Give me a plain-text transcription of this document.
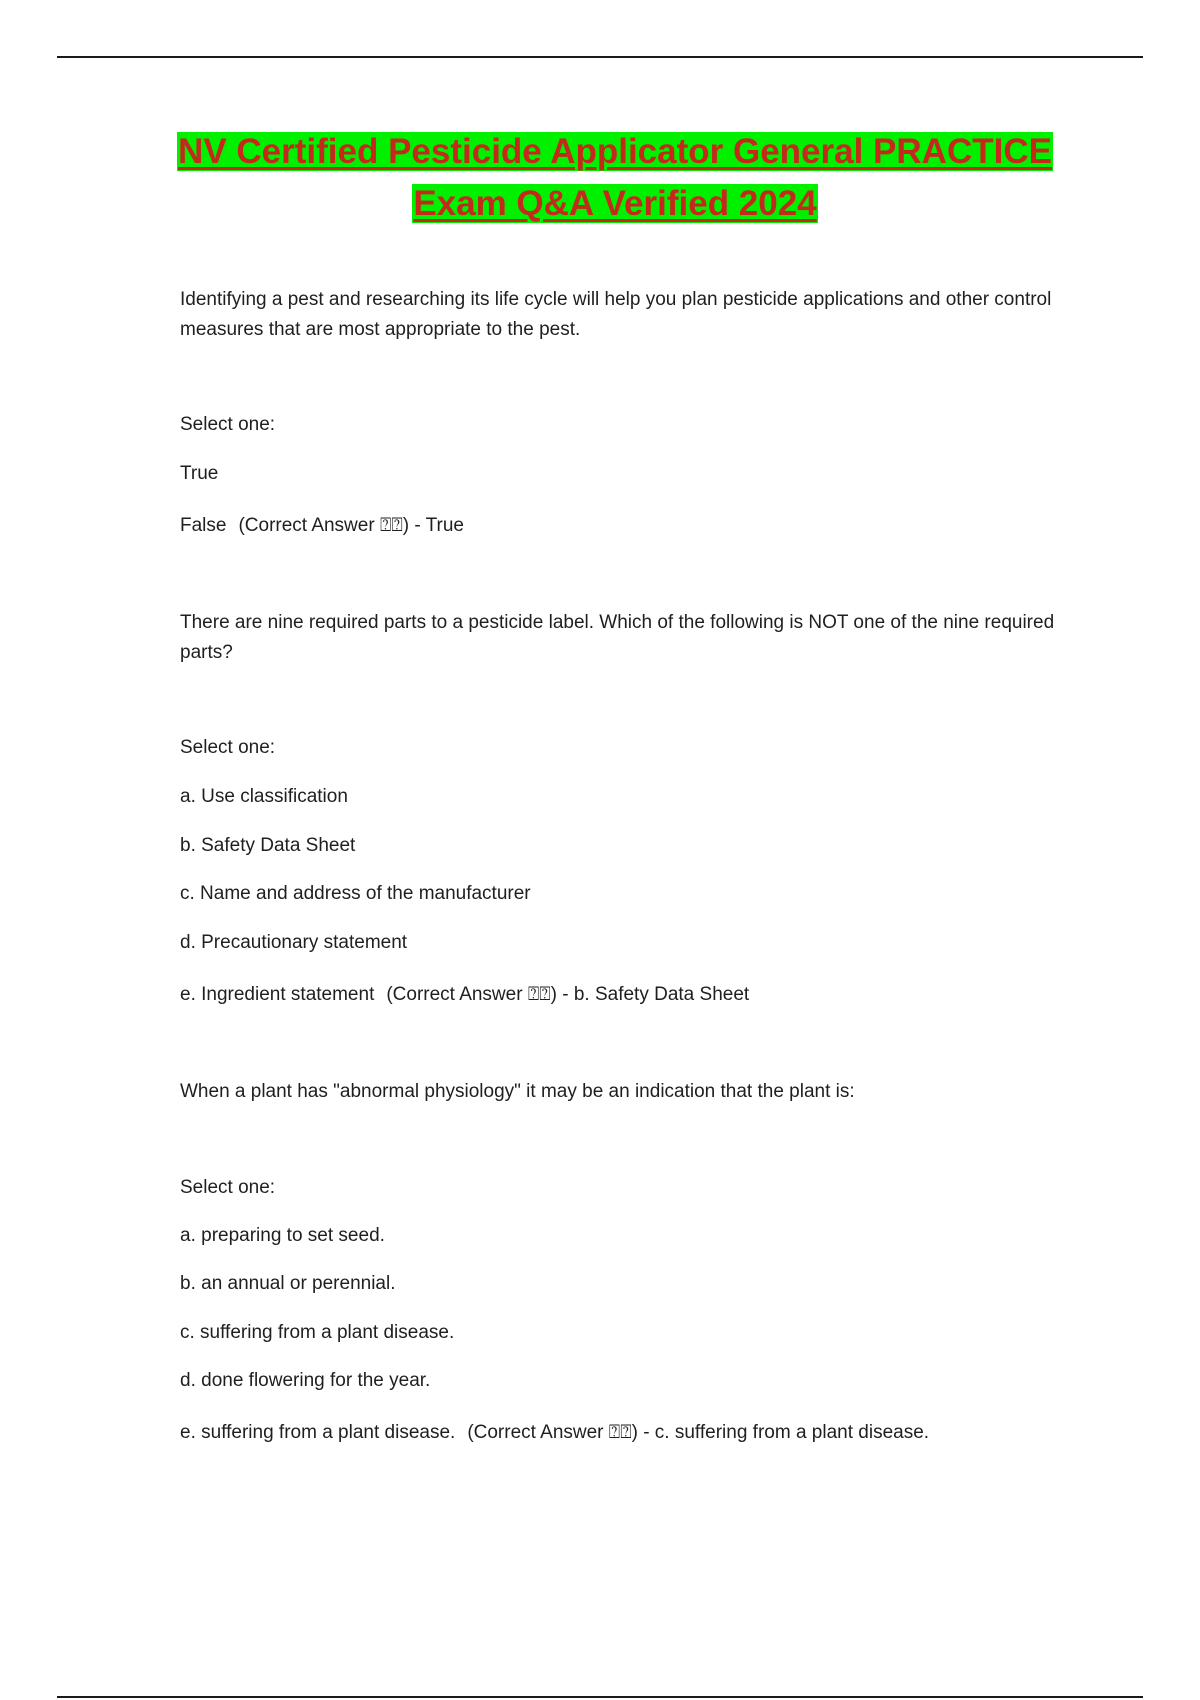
NV Certified Pesticide Applicator General PRACTICE
Exam Q&A Verified 2024
Identifying a pest and researching its life cycle will help you plan pesticide applications and other control measures that are most appropriate to the pest.
Select one:
True
False (Correct Answer ⍰⍰) - True
There are nine required parts to a pesticide label. Which of the following is NOT one of the nine required parts?
Select one:
a. Use classification
b. Safety Data Sheet
c. Name and address of the manufacturer
d. Precautionary statement
e. Ingredient statement (Correct Answer ⍰⍰) - b. Safety Data Sheet
When a plant has "abnormal physiology" it may be an indication that the plant is:
Select one:
a. preparing to set seed.
b. an annual or perennial.
c. suffering from a plant disease.
d. done flowering for the year.
e. suffering from a plant disease. (Correct Answer ⍰⍰) - c. suffering from a plant disease.
